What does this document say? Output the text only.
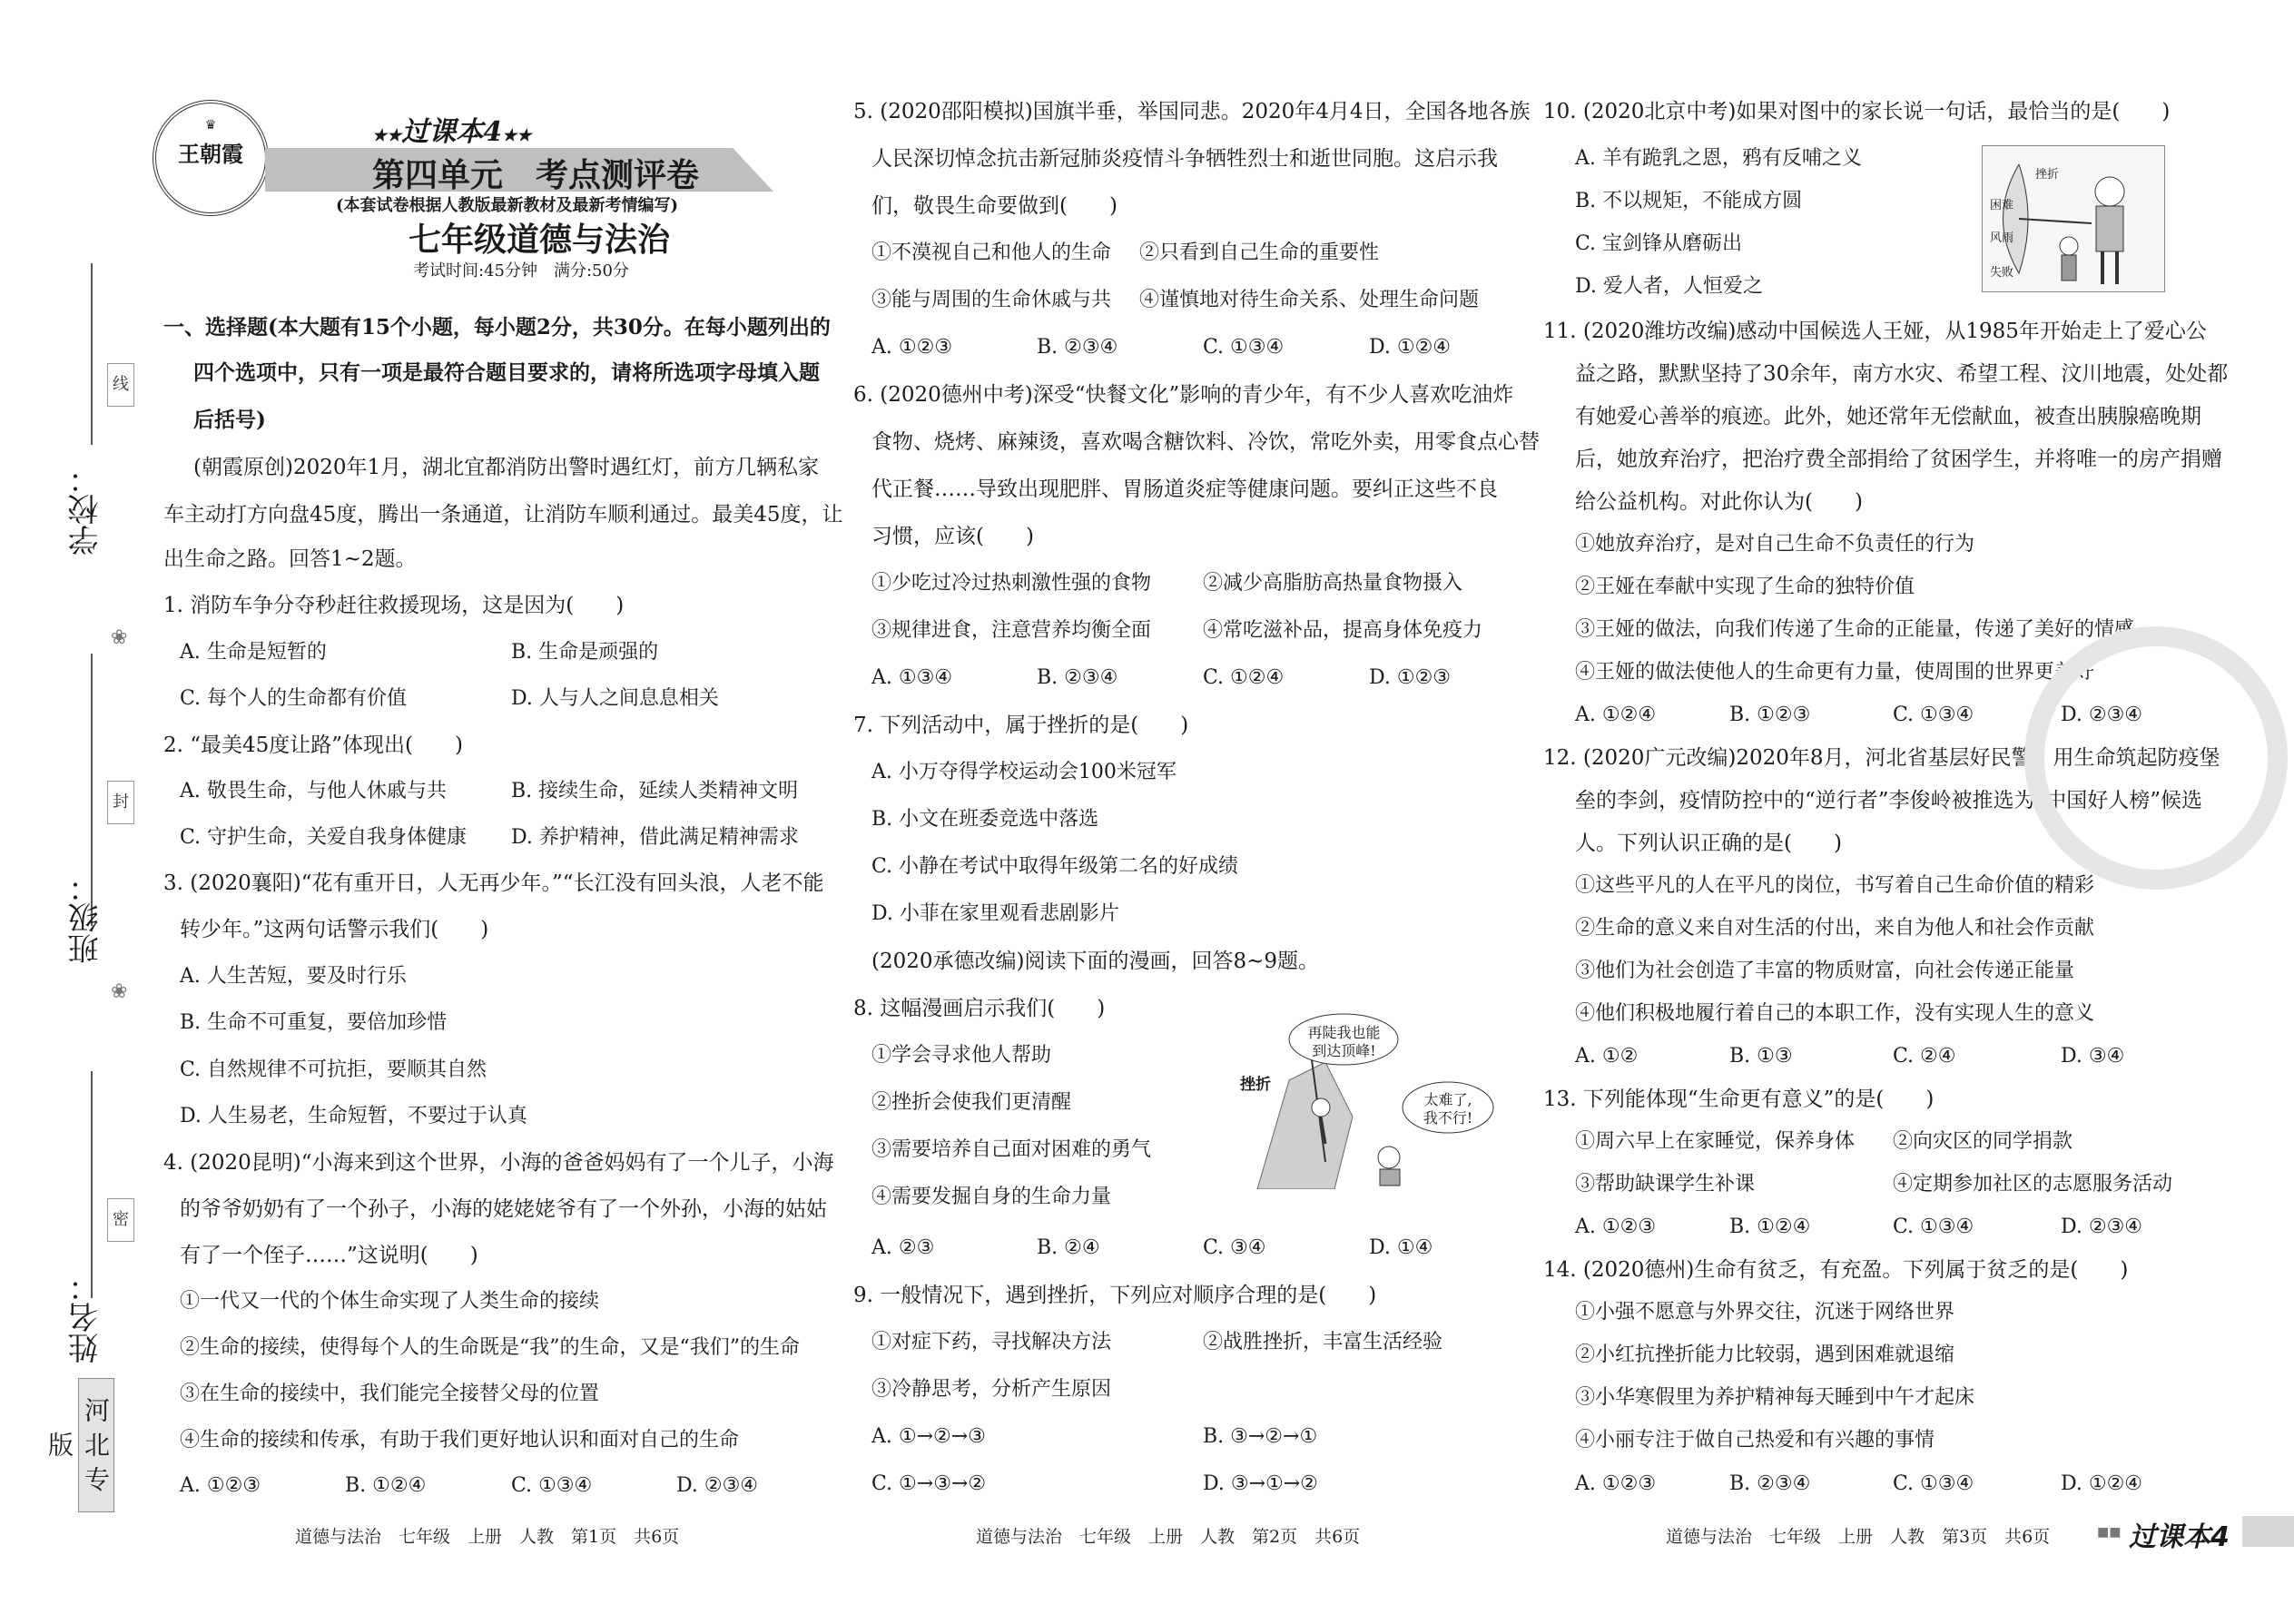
线
学校：
❀
封
班级：
❀
密
姓名：
河北专版
♛
王朝霞
★★过课本4★★
第四单元　考点测评卷
(本套试卷根据人教版最新教材及最新考情编写)
七年级道德与法治
考试时间:45分钟　满分:50分
一、选择题(本大题有15个小题，每小题2分，共30分。在每小题列出的
四个选项中，只有一项是最符合题目要求的，请将所选项字母填入题
后括号)
(朝霞原创)2020年1月，湖北宜都消防出警时遇红灯，前方几辆私家
车主动打方向盘45度，腾出一条通道，让消防车顺利通过。最美45度，让
出生命之路。回答1~2题。
1. 消防车争分夺秒赶往救援现场，这是因为(　　)
A. 生命是短暂的	B. 生命是顽强的
C. 每个人的生命都有价值	D. 人与人之间息息相关
2. “最美45度让路”体现出(　　)
A. 敬畏生命，与他人休戚与共	B. 接续生命，延续人类精神文明
C. 守护生命，关爱自我身体健康 D. 养护精神，借此满足精神需求
3. (2020襄阳)“花有重开日，人无再少年。”“长江没有回头浪，人老不能
转少年。”这两句话警示我们(　　)
A. 人生苦短，要及时行乐
B. 生命不可重复，要倍加珍惜
C. 自然规律不可抗拒，要顺其自然
D. 人生易老，生命短暂，不要过于认真
4. (2020昆明)“小海来到这个世界，小海的爸爸妈妈有了一个儿子，小海
的爷爷奶奶有了一个孙子，小海的姥姥姥爷有了一个外孙，小海的姑姑
有了一个侄子……”这说明(　　)
①一代又一代的个体生命实现了人类生命的接续
②生命的接续，使得每个人的生命既是“我”的生命，又是“我们”的生命
③在生命的接续中，我们能完全接替父母的位置
④生命的接续和传承，有助于我们更好地认识和面对自己的生命
A. ①②③	B. ①②④	C. ①③④	D. ②③④
道德与法治　七年级　上册　人教　第1页　共6页
5. (2020邵阳模拟)国旗半垂，举国同悲。2020年4月4日，全国各地各族
人民深切悼念抗击新冠肺炎疫情斗争牺牲烈士和逝世同胞。这启示我
们，敬畏生命要做到(　　)
①不漠视自己和他人的生命 ②只看到自己生命的重要性
③能与周围的生命休戚与共 ④谨慎地对待生命关系、处理生命问题
A. ①②③	B. ②③④	C. ①③④	D. ①②④
6. (2020德州中考)深受“快餐文化”影响的青少年，有不少人喜欢吃油炸
食物、烧烤、麻辣烫，喜欢喝含糖饮料、冷饮，常吃外卖，用零食点心替
代正餐……导致出现肥胖、胃肠道炎症等健康问题。要纠正这些不良
习惯，应该(　　)
①少吃过冷过热刺激性强的食物	②减少高脂肪高热量食物摄入
③规律进食，注意营养均衡全面	④常吃滋补品，提高身体免疫力
A. ①③④	B. ②③④	C. ①②④	D. ①②③
7. 下列活动中，属于挫折的是(　　)
A. 小万夺得学校运动会100米冠军
B. 小文在班委竞选中落选
C. 小静在考试中取得年级第二名的好成绩
D. 小菲在家里观看悲剧影片
(2020承德改编)阅读下面的漫画，回答8~9题。
8. 这幅漫画启示我们(　　)
①学会寻求他人帮助
②挫折会使我们更清醒
③需要培养自己面对困难的勇气
④需要发掘自身的生命力量
A. ②③	B. ②④	C. ③④	D. ①④
再陡我也能
到达顶峰!
太难了,
我不行!
挫折
9. 一般情况下，遇到挫折，下列应对顺序合理的是(　　)
①对症下药，寻找解决方法	②战胜挫折，丰富生活经验
③冷静思考，分析产生原因
A. ①→②→③	B. ③→②→①
C. ①→③→②	D. ③→①→②
道德与法治　七年级　上册　人教　第2页　共6页
10. (2020北京中考)如果对图中的家长说一句话，最恰当的是(　　)
A. 羊有跪乳之恩，鸦有反哺之义
B. 不以规矩，不能成方圆
C. 宝剑锋从磨砺出
D. 爱人者，人恒爱之
挫折
困难
风雨
失败
11. (2020潍坊改编)感动中国候选人王娅，从1985年开始走上了爱心公
益之路，默默坚持了30余年，南方水灾、希望工程、汶川地震，处处都
有她爱心善举的痕迹。此外，她还常年无偿献血，被查出胰腺癌晚期
后，她放弃治疗，把治疗费全部捐给了贫困学生，并将唯一的房产捐赠
给公益机构。对此你认为(　　)
①她放弃治疗，是对自己生命不负责任的行为
②王娅在奉献中实现了生命的独特价值
③王娅的做法，向我们传递了生命的正能量，传递了美好的情感
④王娅的做法使他人的生命更有力量，使周围的世界更美好
A. ①②④	B. ①②③	C. ①③④	D. ②③④
12. (2020广元改编)2020年8月，河北省基层好民警，用生命筑起防疫堡
垒的李剑，疫情防控中的“逆行者”李俊岭被推选为“中国好人榜”候选
人。下列认识正确的是(　　)
①这些平凡的人在平凡的岗位，书写着自己生命价值的精彩
②生命的意义来自对生活的付出，来自为他人和社会作贡献
③他们为社会创造了丰富的物质财富，向社会传递正能量
④他们积极地履行着自己的本职工作，没有实现人生的意义
A. ①②	B. ①③	C. ②④	D. ③④
13. 下列能体现“生命更有意义”的是(　　)
①周六早上在家睡觉，保养身体 ②向灾区的同学捐款
③帮助缺课学生补课	④定期参加社区的志愿服务活动
A. ①②③	B. ①②④	C. ①③④	D. ②③④
14. (2020德州)生命有贫乏，有充盈。下列属于贫乏的是(　　)
①小强不愿意与外界交往，沉迷于网络世界
②小红抗挫折能力比较弱，遇到困难就退缩
③小华寒假里为养护精神每天睡到中午才起床
④小丽专注于做自己热爱和有兴趣的事情
A. ①②③	B. ②③④	C. ①③④	D. ①②④
道德与法治　七年级　上册　人教　第3页　共6页	■■ 过课本4
